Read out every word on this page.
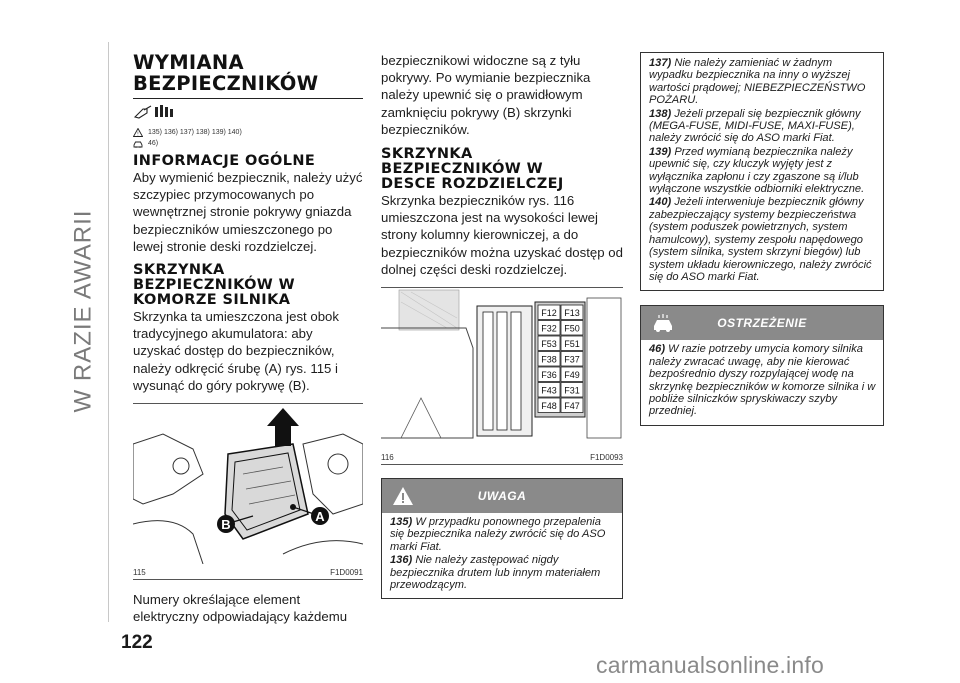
W RAZIE AWARII
WYMIANA
BEZPIECZNIKÓW
! 135) 136) 137) 138) 139) 140)
46)
INFORMACJE OGÓLNE
Aby wymienić bezpiecznik, należy użyć szczypiec przymocowanych po wewnętrznej stronie pokrywy gniazda bezpieczników umieszczonego po lewej stronie deski rozdzielczej.
SKRZYNKA
BEZPIECZNIKÓW W
KOMORZE SILNIKA
Skrzynka ta umieszczona jest obok tradycyjnego akumulatora: aby uzyskać dostęp do bezpieczników, należy odkręcić śrubę (A) rys. 115 i wysunąć do góry pokrywę (B).
A
B
115	F1D0091
Numery określające element elektryczny odpowiadający każdemu
bezpiecznikowi widoczne są z tyłu pokrywy. Po wymianie bezpiecznika należy upewnić się o prawidłowym zamknięciu pokrywy (B) skrzynki bezpieczników.
SKRZYNKA
BEZPIECZNIKÓW W
DESCE ROZDZIELCZEJ
Skrzynka bezpieczników rys. 116 umieszczona jest na wysokości lewej strony kolumny kierowniczej, a do bezpieczników można uzyskać dostęp od dolnej części deski rozdzielczej.
F12 F13
F32 F50
F53 F51
F38 F37
F36 F49
F43 F31
F48 F47
116	F1D0093
UWAGA

135) W przypadku ponownego przepalenia się bezpiecznika należy zwrócić się do ASO marki Fiat.

136) Nie należy zastępować nigdy bezpiecznika drutem lub innym materiałem przewodzącym.

137) Nie należy zamieniać w żadnym wypadku bezpiecznika na inny o wyższej wartości prądowej; NIEBEZPIECZEŃSTWO POŻARU.

138) Jeżeli przepali się bezpiecznik główny (MEGA-FUSE, MIDI-FUSE, MAXI-FUSE), należy zwrócić się do ASO marki Fiat.

139) Przed wymianą bezpiecznika należy upewnić się, czy kluczyk wyjęty jest z wyłącznika zapłonu i czy zgaszone są i/lub wyłączone wszystkie odbiorniki elektryczne.

140) Jeżeli interweniuje bezpiecznik główny zabezpieczający systemy bezpieczeństwa (system poduszek powietrznych, system hamulcowy), systemy zespołu napędowego (system silnika, system skrzyni biegów) lub system układu kierowniczego, należy zwrócić się do ASO marki Fiat.

OSTRZEŻENIE

46) W razie potrzeby umycia komory silnika należy zwracać uwagę, aby nie kierować bezpośrednio dyszy rozpylającej wodę na skrzynkę bezpieczników w komorze silnika i w pobliże silniczków spryskiwaczy szyby przedniej.

122
carmanualsonline.info
